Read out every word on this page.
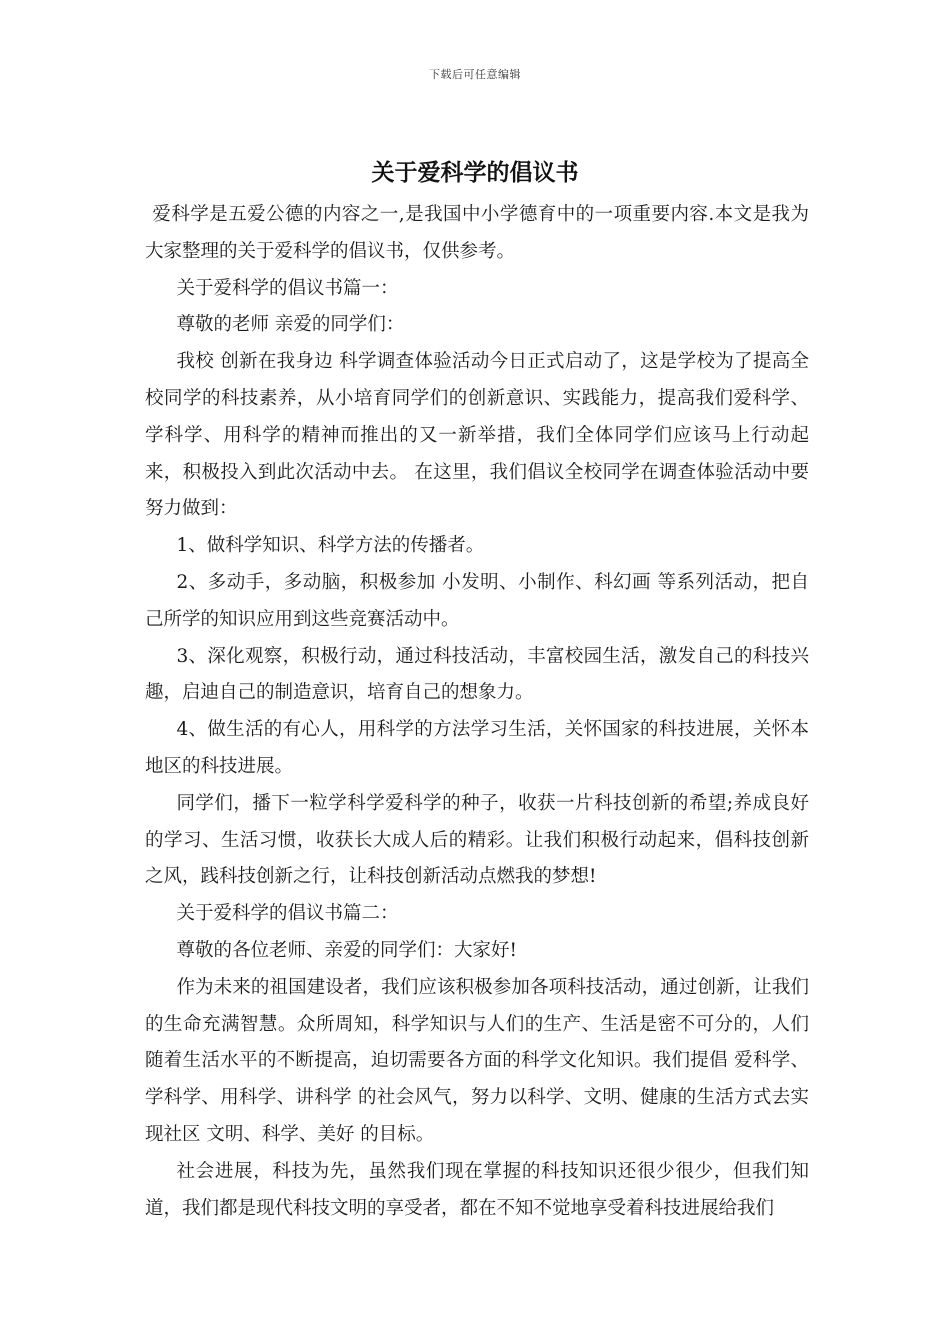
下载后可任意编辑
关于爱科学的倡议书

爱科学是五爱公德的内容之一,是我国中小学德育中的一项重要内容.本文是我为大家整理的关于爱科学的倡议书，仅供参考。

关于爱科学的倡议书篇一：

尊敬的老师 亲爱的同学们：

我校 创新在我身边 科学调查体验活动今日正式启动了，这是学校为了提高全校同学的科技素养，从小培育同学们的创新意识、实践能力，提高我们爱科学、学科学、用科学的精神而推出的又一新举措，我们全体同学们应该马上行动起来，积极投入到此次活动中去。 在这里，我们倡议全校同学在调查体验活动中要努力做到：

1、做科学知识、科学方法的传播者。

2、多动手，多动脑，积极参加 小发明、小制作、科幻画 等系列活动，把自己所学的知识应用到这些竞赛活动中。

3、深化观察，积极行动，通过科技活动，丰富校园生活，激发自己的科技兴趣，启迪自己的制造意识，培育自己的想象力。

4、做生活的有心人，用科学的方法学习生活，关怀国家的科技进展，关怀本地区的科技进展。

同学们，播下一粒学科学爱科学的种子，收获一片科技创新的希望;养成良好的学习、生活习惯，收获长大成人后的精彩。让我们积极行动起来，倡科技创新之风，践科技创新之行，让科技创新活动点燃我的梦想!

关于爱科学的倡议书篇二：

尊敬的各位老师、亲爱的同学们：大家好!

作为未来的祖国建设者，我们应该积极参加各项科技活动，通过创新，让我们的生命充满智慧。众所周知，科学知识与人们的生产、生活是密不可分的，人们随着生活水平的不断提高，迫切需要各方面的科学文化知识。我们提倡 爱科学、学科学、用科学、讲科学 的社会风气，努力以科学、文明、健康的生活方式去实现社区 文明、科学、美好 的目标。

社会进展，科技为先，虽然我们现在掌握的科技知识还很少很少，但我们知道，我们都是现代科技文明的享受者，都在不知不觉地享受着科技进展给我们
